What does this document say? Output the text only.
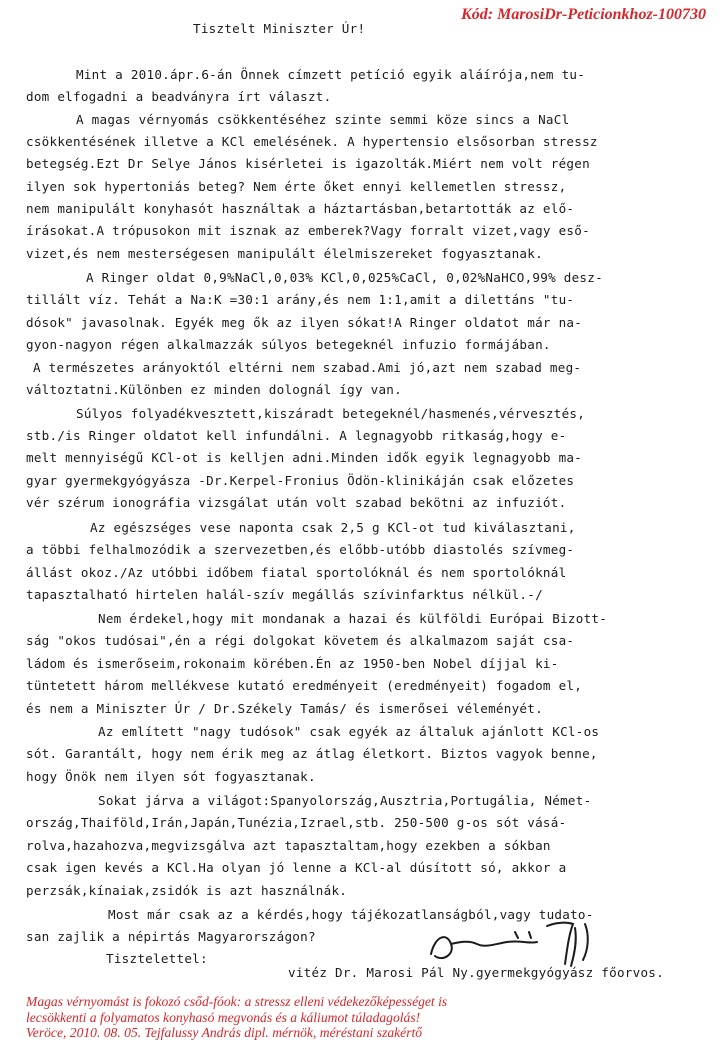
Kód: MarosiDr-Peticionkhoz-100730
Tisztelt Miniszter Úr!
Mint a 2010.ápr.6-án Önnek címzett petíció egyik aláírója,nem tu-
dom elfogadni a beadványra írt választ.
A magas vérnyomás csökkentéséhez szinte semmi köze sincs a NaCl
csökkentésének illetve a KCl emelésének. A hypertensio elsősorban stressz
betegség.Ezt Dr Selye János kisérletei is igazolták.Miért nem volt régen
ilyen sok hypertoniás beteg? Nem érte őket ennyi kellemetlen stressz,
nem manipulált konyhasót használtak a háztartásban,betartották az elő-
írásokat.A trópusokon mit isznak az emberek?Vagy forralt vizet,vagy eső-
vizet,és nem mesterségesen manipulált élelmiszereket fogyasztanak.
A Ringer oldat 0,9%NaCl,0,03% KCl,0,025%CaCl, 0,02%NaHCO,99% desz-
tillált víz. Tehát a Na:K =30:1 arány,és nem 1:1,amit a dilettáns "tu-
dósok" javasolnak. Egyék meg ők az ilyen sókat!A Ringer oldatot már na-
gyon-nagyon régen alkalmazzák súlyos betegeknél infuzio formájában.
A természetes arányoktól eltérni nem szabad.Ami jó,azt nem szabad meg-
változtatni.Különben ez minden dolognál így van.
Súlyos folyadékvesztett,kiszáradt betegeknél/hasmenés,vérvesztés,
stb./is Ringer oldatot kell infundálni. A legnagyobb ritkaság,hogy e-
melt mennyiségű KCl-ot is kelljen adni.Minden idők egyik legnagyobb ma-
gyar gyermekgyógyásza -Dr.Kerpel-Fronius Ödön-klinikáján csak előzetes
vér szérum ionográfia vizsgálat után volt szabad bekötni az infuziót.
Az egészséges vese naponta csak 2,5 g KCl-ot tud kiválasztani,
a többi felhalmozódik a szervezetben,és előbb-utóbb diastolés szívmeg-
állást okoz./Az utóbbi időbem fiatal sportolóknál és nem sportolóknál
tapasztalható hirtelen halál-szív megállás szívinfarktus nélkül.-/
Nem érdekel,hogy mit mondanak a hazai és külföldi Európai Bizott-
ság "okos tudósai",én a régi dolgokat követem és alkalmazom saját csa-
ládom és ismerőseim,rokonaim körében.Én az 1950-ben Nobel díjjal ki-
tüntetett három mellékvese kutató eredményeit (eredményeit) fogadom el,
és nem a Miniszter Úr / Dr.Székely Tamás/ és ismerősei véleményét.
Az említett "nagy tudósok" csak egyék az általuk ajánlott KCl-os
sót. Garantált, hogy nem érik meg az átlag életkort. Biztos vagyok benne,
hogy Önök nem ilyen sót fogyasztanak.
Sokat járva a világot:Spanyolország,Ausztria,Portugália, Német-
ország,Thaiföld,Irán,Japán,Tunézia,Izrael,stb. 250-500 g-os sót vásá-
rolva,hazahozva,megvizsgálva azt tapasztaltam,hogy ezekben a sókban
csak igen kevés a KCl.Ha olyan jó lenne a KCl-al dúsított só, akkor a
perzsák,kínaiak,zsidók is azt használnák.
Most már csak az a kérdés,hogy tájékozatlanságból,vagy tudato-
san zajlik a népirtás Magyarországon?
Tisztelettel:
vitéz Dr. Marosi Pál Ny.gyermekgyógyász főorvos.
Magas vérnyomást is fokozó csőd-fóok: a stressz elleni védekezőképességet is
lecsökkenti a folyamatos konyhasó megvonás és a káliumot túladagolás!
Veröce, 2010. 08. 05. Tejfalussy András dipl. mérnök, méréstani szakértő
